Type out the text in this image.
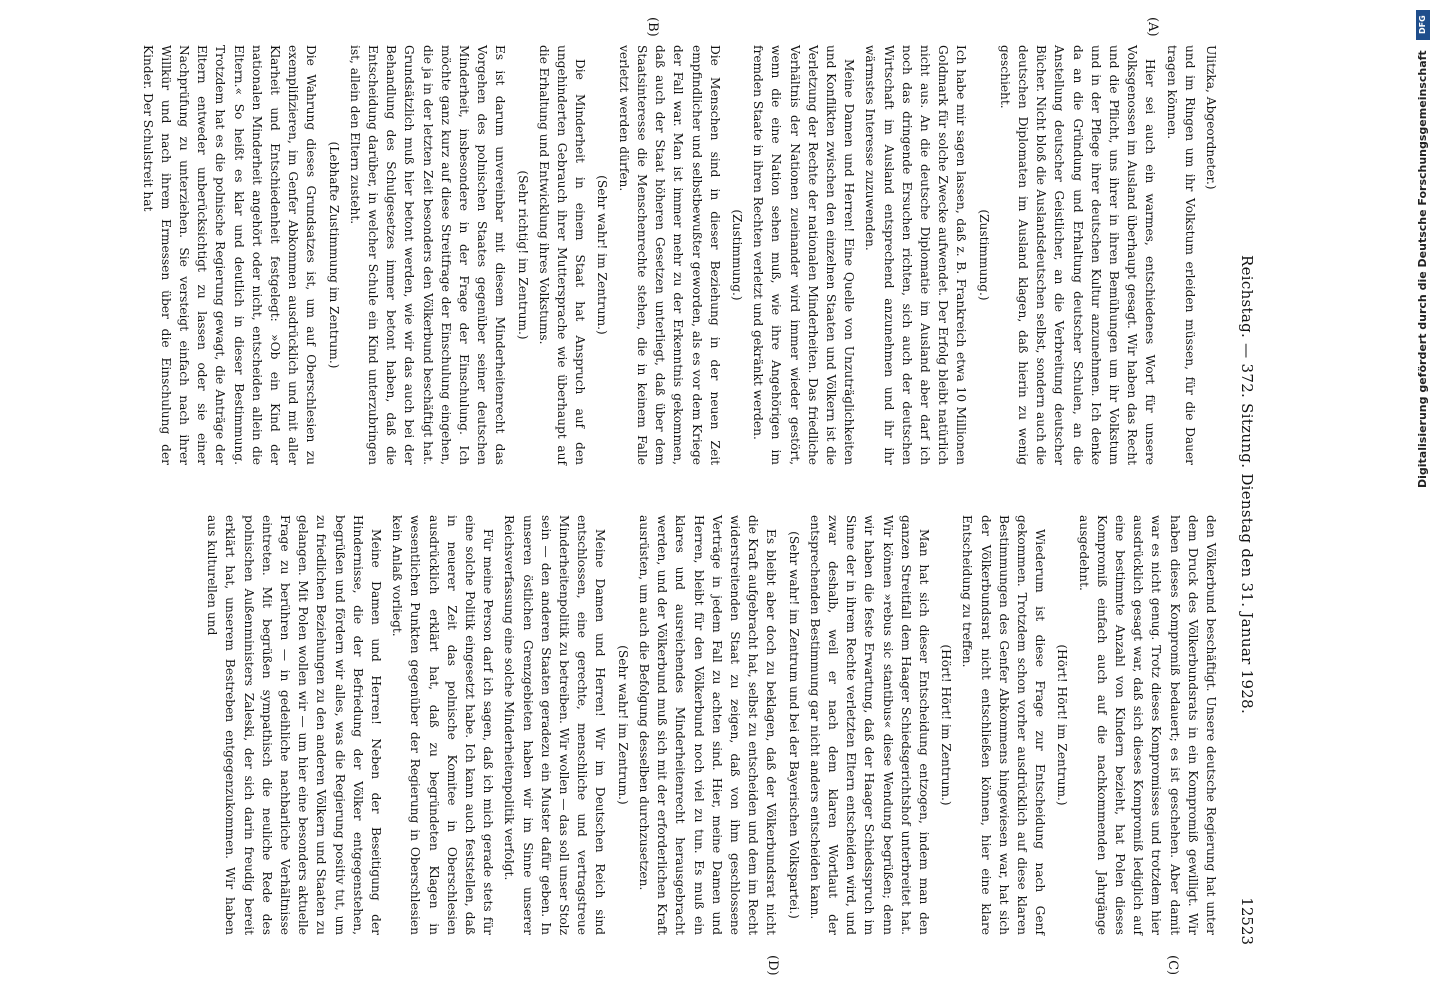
Reichstag. — 372. Sitzung. Dienstag den 31. Januar 1928.
12523
(A)
(B)
(C)
(D)

Ulitzka, Abgeordneter.)

und im Ringen um ihr Volkstum erleiden müssen, für die Dauer tragen können.

Hier sei auch ein warmes, entschiedenes Wort für unsere Volksgenossen im Ausland überhaupt gesagt. Wir haben das Recht und die Pflicht, uns ihrer in ihren Bemühungen um ihr Volkstum und in der Pflege ihrer deutschen Kultur anzunehmen. Ich denke da an die Gründung und Erhaltung deutscher Schulen, an die Anstellung deutscher Geistlicher, an die Verbreitung deutscher Bücher. Nicht bloß die Auslandsdeutschen selbst, sondern auch die deutschen Diplomaten im Ausland klagen, daß hierin zu wenig geschieht.

(Zustimmung.)

Ich habe mir sagen lassen, daß z. B. Frankreich etwa 10 Millionen Goldmark für solche Zwecke aufwendet. Der Erfolg bleibt natürlich nicht aus. An die deutsche Diplomatie im Ausland aber darf ich noch das dringende Ersuchen richten, sich auch der deutschen Wirtschaft im Ausland entsprechend anzunehmen und ihr ihr wärmstes Interesse zuzuwenden.

Meine Damen und Herren! Eine Quelle von Unzuträglichkeiten und Konflikten zwischen den einzelnen Staaten und Völkern ist die Verletzung der Rechte der nationalen Minderheiten. Das friedliche Verhältnis der Nationen zueinander wird immer wieder gestört, wenn die eine Nation sehen muß, wie ihre Angehörigen im fremden Staate in ihren Rechten verletzt und gekränkt werden.

(Zustimmung.)

Die Menschen sind in dieser Beziehung in der neuen Zeit empfindlicher und selbstbewußter geworden, als es vor dem Kriege der Fall war. Man ist immer mehr zu der Erkenntnis gekommen, daß auch der Staat höheren Gesetzen unterliegt, daß über dem Staatsinteresse die Menschenrechte stehen, die in keinem Falle verletzt werden dürfen.

(Sehr wahr! im Zentrum.)

Die Minderheit in einem Staat hat Anspruch auf den ungehinderten Gebrauch ihrer Muttersprache wie überhaupt auf die Erhaltung und Entwicklung ihres Volkstums.

(Sehr richtig! im Zentrum.)

Es ist darum unvereinbar mit diesem Minderheitenrecht das Vorgehen des polnischen Staates gegenüber seiner deutschen Minderheit, insbesondere in der Frage der Einschulung. Ich möchte ganz kurz auf diese Streitfrage der Einschulung eingehen, die ja in der letzten Zeit besonders den Völkerbund beschäftigt hat. Grundsätzlich muß hier betont werden, wie wir das auch bei der Behandlung des Schulgesetzes immer betont haben, daß die Entscheidung darüber, in welcher Schule ein Kind unterzubringen ist, allein den Eltern zusteht.

(Lebhafte Zustimmung im Zentrum.)

Die Wahrung dieses Grundsatzes ist, um auf Oberschlesien zu exemplifizieren, im Genfer Abkommen ausdrücklich und mit aller Klarheit und Entschiedenheit festgelegt: »Ob ein Kind der nationalen Minderheit angehört oder nicht, entscheiden allein die Eltern.« So heißt es klar und deutlich in dieser Bestimmung. Trotzdem hat es die polnische Regierung gewagt, die Anträge der Eltern entweder unberücksichtigt zu lassen oder sie einer Nachprüfung zu unterziehen. Sie versteigt einfach nach ihrer Willkür und nach ihrem Ermessen über die Einschulung der Kinder. Der Schulstreit hat

den Völkerbund beschäftigt. Unsere deutsche Regierung hat unter dem Druck des Völkerbundsrats in ein Kompromiß gewilligt. Wir haben dieses Kompromiß bedauert; es ist geschehen. Aber damit war es nicht genug. Trotz dieses Kompromisses und trotzdem hier ausdrücklich gesagt war, daß sich dieses Kompromiß lediglich auf eine bestimmte Anzahl von Kindern bezieht, hat Polen dieses Kompromiß einfach auch auf die nachkommenden Jahrgänge ausgedehnt.

(Hört! Hört! im Zentrum.)

Wiederum ist diese Frage zur Entscheidung nach Genf gekommen. Trotzdem schon vorher ausdrücklich auf diese klaren Bestimmungen des Genfer Abkommens hingewiesen war, hat sich der Völkerbundsrat nicht entschließen können, hier eine klare Entscheidung zu treffen.

(Hört! Hört! im Zentrum.)

Man hat sich dieser Entscheidung entzogen, indem man den ganzen Streitfall dem Haager Schiedsgerichtshof unterbreitet hat. Wir können »rebus sic stantibus« diese Wendung begrüßen; denn wir haben die feste Erwartung, daß der Haager Schiedsspruch im Sinne der in ihrem Rechte verletzten Eltern entscheiden wird, und zwar deshalb, weil er nach dem klaren Wortlaut der entsprechenden Bestimmung gar nicht anders entscheiden kann.

(Sehr wahr! im Zentrum und bei der Bayerischen Volkspartei.)

Es bleibt aber doch zu beklagen, daß der Völkerbundsrat nicht die Kraft aufgebracht hat, selbst zu entscheiden und dem im Recht widerstreitenden Staat zu zeigen, daß von ihm geschlossene Verträge in jedem Fall zu achten sind. Hier, meine Damen und Herren, bleibt für den Völkerbund noch viel zu tun. Es muß ein klares und ausreichendes Minderheitenrecht herausgebracht werden, und der Völkerbund muß sich mit der erforderlichen Kraft ausrüsten, um auch die Befolgung desselben durchzusetzen.

(Sehr wahr! im Zentrum.)

Meine Damen und Herren! Wir im Deutschen Reich sind entschlossen, eine gerechte, menschliche und vertragstreue Minderheitenpolitik zu betreiben. Wir wollen — das soll unser Stolz sein — den anderen Staaten geradezu ein Muster dafür geben. In unseren östlichen Grenzgebieten haben wir im Sinne unserer Reichsverfassung eine solche Minderheitenpolitik verfolgt.

Für meine Person darf ich sagen, daß ich mich gerade stets für eine solche Politik eingesetzt habe. Ich kann auch feststellen, daß in neuerer Zeit das polnische Komitee in Oberschlesien ausdrücklich erklärt hat, daß zu begründeten Klagen in wesentlichen Punkten gegenüber der Regierung in Oberschlesien kein Anlaß vorliegt.

Meine Damen und Herren! Neben der Beseitigung der Hindernisse, die der Befriedung der Völker entgegenstehen, begrüßen und fördern wir alles, was die Regierung positiv tut, um zu friedlichen Beziehungen zu den anderen Völkern und Staaten zu gelangen. Mit Polen wollen wir — um hier eine besonders aktuelle Frage zu berühren — in gedeihliche nachbarliche Verhältnisse eintreten. Mit begrüßen sympathisch die neuliche Rede des polnischen Außenministers Zaleski, der sich darin freudig bereit erklärt hat, unserem Bestreben entgegenzukommen. Wir haben aus kulturellen und

Digitalisierung gefördert durch die Deutsche Forschungsgemeinschaft
DFG
